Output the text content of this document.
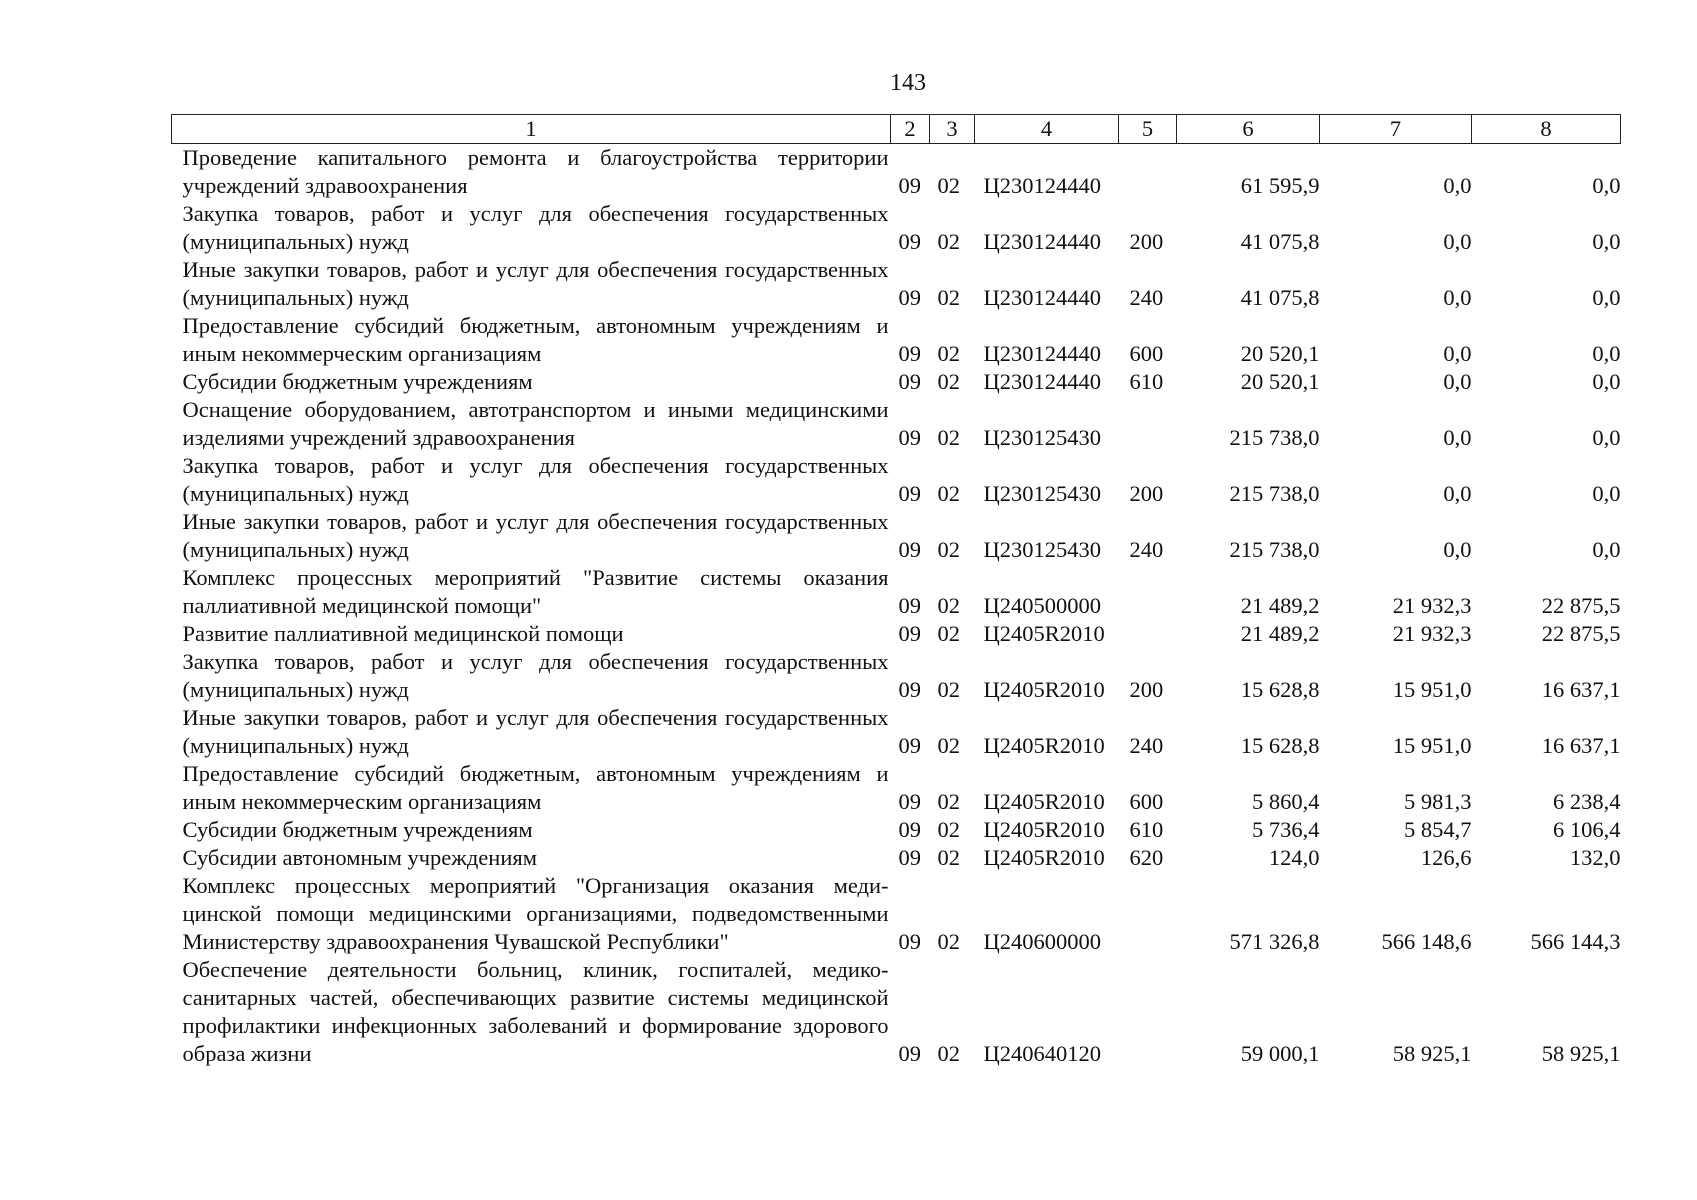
143
1	2	3	4	5	6	7	8
Проведение капитального ремонта и благоустройства территории учреждений здравоохранения	09	02	Ц230124440		61 595,9	0,0	0,0
Закупка товаров, работ и услуг для обеспечения государственных (муниципальных) нужд	09	02	Ц230124440	200	41 075,8	0,0	0,0
Иные закупки товаров, работ и услуг для обеспечения государственных (муниципальных) нужд	09	02	Ц230124440	240	41 075,8	0,0	0,0
Предоставление субсидий бюджетным, автономным учреждениям и иным некоммерческим организациям	09	02	Ц230124440	600	20 520,1	0,0	0,0
Субсидии бюджетным учреждениям	09	02	Ц230124440	610	20 520,1	0,0	0,0
Оснащение оборудованием, автотранспортом и иными медицинскими изделиями учреждений здравоохранения	09	02	Ц230125430		215 738,0	0,0	0,0
Закупка товаров, работ и услуг для обеспечения государственных (муниципальных) нужд	09	02	Ц230125430	200	215 738,0	0,0	0,0
Иные закупки товаров, работ и услуг для обеспечения государственных (муниципальных) нужд	09	02	Ц230125430	240	215 738,0	0,0	0,0
Комплекс процессных мероприятий "Развитие системы оказания паллиативной медицинской помощи"	09	02	Ц240500000		21 489,2	21 932,3	22 875,5
Развитие паллиативной медицинской помощи	09	02	Ц2405R2010		21 489,2	21 932,3	22 875,5
Закупка товаров, работ и услуг для обеспечения государственных (муниципальных) нужд	09	02	Ц2405R2010	200	15 628,8	15 951,0	16 637,1
Иные закупки товаров, работ и услуг для обеспечения государственных (муниципальных) нужд	09	02	Ц2405R2010	240	15 628,8	15 951,0	16 637,1
Предоставление субсидий бюджетным, автономным учреждениям и иным некоммерческим организациям	09	02	Ц2405R2010	600	5 860,4	5 981,3	6 238,4
Субсидии бюджетным учреждениям	09	02	Ц2405R2010	610	5 736,4	5 854,7	6 106,4
Субсидии автономным учреждениям	09	02	Ц2405R2010	620	124,0	126,6	132,0
Комплекс процессных мероприятий "Организация оказания медицинской помощи медицинскими организациями, подведомственными Министерству здравоохранения Чувашской Республики"	09	02	Ц240600000		571 326,8	566 148,6	566 144,3
Обеспечение деятельности больниц, клиник, госпиталей, медико-санитарных частей, обеспечивающих развитие системы медицинской профилактики инфекционных заболеваний и формирование здорового образа жизни	09	02	Ц240640120		59 000,1	58 925,1	58 925,1
